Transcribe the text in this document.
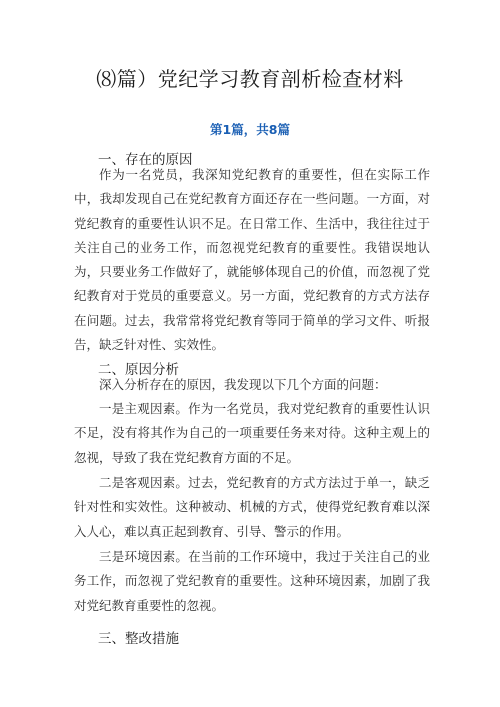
⑻篇）党纪学习教育剖析检查材料
第1篇，共8篇
一、存在的原因
作为一名党员，我深知党纪教育的重要性，但在实际工作中，我却发现自己在党纪教育方面还存在一些问题。一方面，对党纪教育的重要性认识不足。在日常工作、生活中，我往往过于关注自己的业务工作，而忽视党纪教育的重要性。我错误地认为，只要业务工作做好了，就能够体现自己的价值，而忽视了党纪教育对于党员的重要意义。另一方面，党纪教育的方式方法存在问题。过去，我常常将党纪教育等同于简单的学习文件、听报告，缺乏针对性、实效性。
二、原因分析
深入分析存在的原因，我发现以下几个方面的问题：
一是主观因素。作为一名党员，我对党纪教育的重要性认识不足，没有将其作为自己的一项重要任务来对待。这种主观上的忽视，导致了我在党纪教育方面的不足。
二是客观因素。过去，党纪教育的方式方法过于单一，缺乏针对性和实效性。这种被动、机械的方式，使得党纪教育难以深入人心，难以真正起到教育、引导、警示的作用。
三是环境因素。在当前的工作环境中，我过于关注自己的业务工作，而忽视了党纪教育的重要性。这种环境因素，加剧了我对党纪教育重要性的忽视。
三、整改措施
